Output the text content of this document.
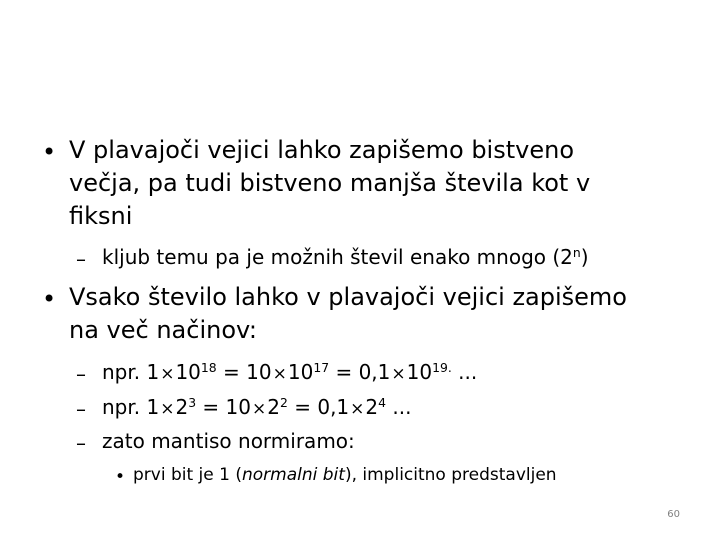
• V plavajoči vejici lahko zapišemo bistveno
večja, pa tudi bistveno manjša števila kot v
fiksni
– kljub temu pa je možnih števil enako mnogo (2$^n$)
• Vsako število lahko v plavajoči vejici zapišemo
na več načinov:
– npr. $1\times 10^{18} = 10\times 10^{17} = 0,1\times 10^{19.}$ ...
– npr. $1\times 2^3 = 10\times 2^2 = 0,1\times 2^4$ ...
– zato mantiso normiramo:
• prvi bit je 1 (normalni bit), implicitno predstavljen
60
